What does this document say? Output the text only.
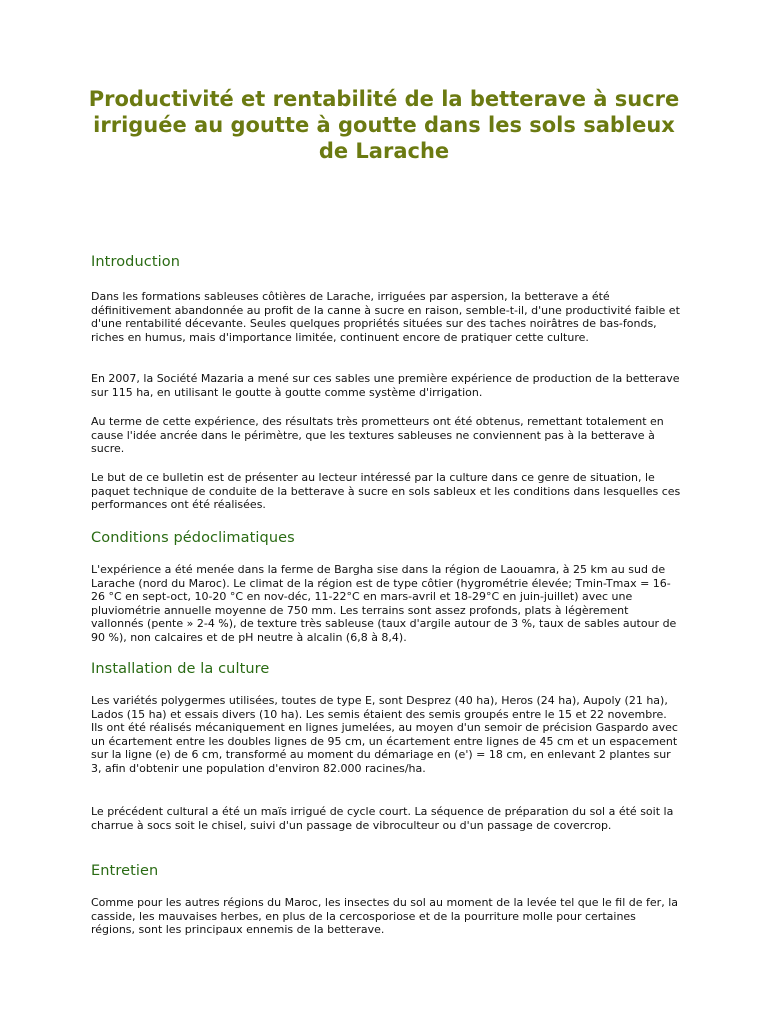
Productivité et rentabilité de la betterave à sucre
irriguée au goutte à goutte dans les sols sableux de Larache
Introduction

Dans les formations sableuses côtières de Larache, irriguées par aspersion, la betterave a été définitivement abandonnée au profit de la canne à sucre en raison, semble-t-il, d'une productivité faible et d'une rentabilité décevante. Seules quelques propriétés situées sur des taches noirâtres de bas-fonds, riches en humus, mais d'importance limitée, continuent encore de pratiquer cette culture.

En 2007, la Société Mazaria a mené sur ces sables une première expérience de production de la betterave sur 115 ha, en utilisant le goutte à goutte comme système d'irrigation.

Au terme de cette expérience, des résultats très prometteurs ont été obtenus, remettant totalement en cause l'idée ancrée dans le périmètre, que les textures sableuses ne conviennent pas à la betterave à sucre.

Le but de ce bulletin est de présenter au lecteur intéressé par la culture dans ce genre de situation, le paquet technique de conduite de la betterave à sucre en sols sableux et les conditions dans lesquelles ces performances ont été réalisées.

Conditions pédoclimatiques

L'expérience a été menée dans la ferme de Bargha sise dans la région de Laouamra, à 25 km au sud de Larache (nord du Maroc). Le climat de la région est de type côtier (hygrométrie élevée; Tmin-Tmax = 16-26 °C en sept-oct, 10-20 °C en nov-déc, 11-22°C en mars-avril et 18-29°C en juin-juillet) avec une pluviométrie annuelle moyenne de 750 mm. Les terrains sont assez profonds, plats à légèrement vallonnés (pente » 2-4 %), de texture très sableuse (taux d'argile autour de 3 %, taux de sables autour de 90 %), non calcaires et de pH neutre à alcalin (6,8 à 8,4).

Installation de la culture

Les variétés polygermes utilisées, toutes de type E, sont Desprez (40 ha), Heros (24 ha), Aupoly (21 ha), Lados (15 ha) et essais divers (10 ha). Les semis étaient des semis groupés entre le 15 et 22 novembre. Ils ont été réalisés mécaniquement en lignes jumelées, au moyen d'un semoir de précision Gaspardo avec un écartement entre les doubles lignes de 95 cm, un écartement entre lignes de 45 cm et un espacement sur la ligne (e) de 6 cm, transformé au moment du démariage en (e') = 18 cm, en enlevant 2 plantes sur 3, afin d'obtenir une population d'environ 82.000 racines/ha.

Le précédent cultural a été un maïs irrigué de cycle court. La séquence de préparation du sol a été soit la charrue à socs soit le chisel, suivi d'un passage de vibroculteur ou d'un passage de covercrop.

Entretien

Comme pour les autres régions du Maroc, les insectes du sol au moment de la levée tel que le fil de fer, la casside, les mauvaises herbes, en plus de la cercosporiose et de la pourriture molle pour certaines régions, sont les principaux ennemis de la betterave.
